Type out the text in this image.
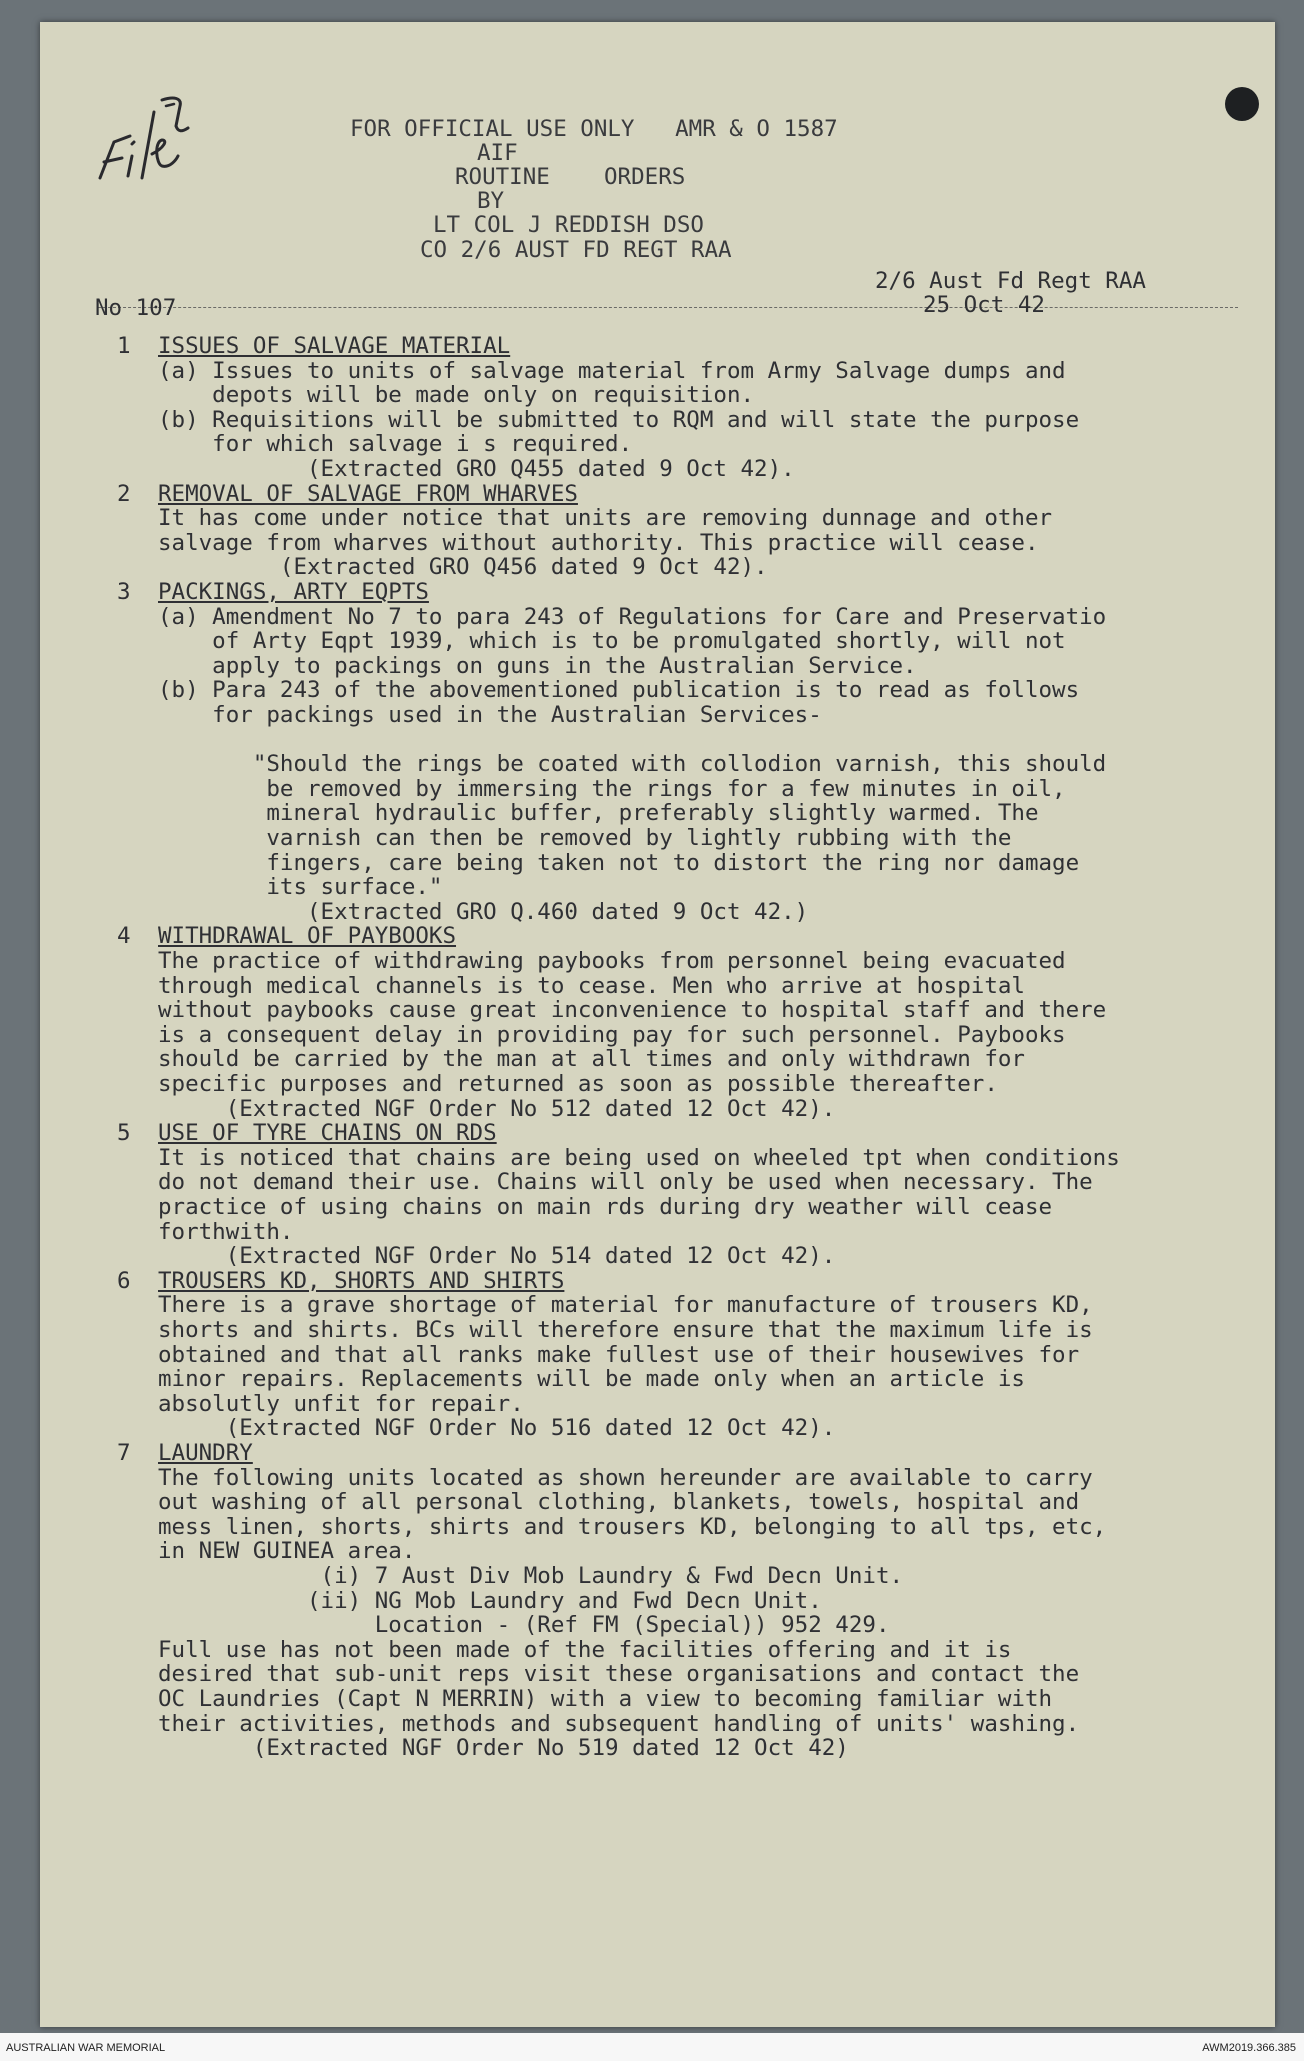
FOR OFFICIAL USE ONLY   AMR & O 1587
AIF
ROUTINE    ORDERS
BY
LT COL J REDDISH DSO
CO 2/6 AUST FD REGT RAA
2/6 Aust Fd Regt RAA
No 107	25 Oct 42
1 ISSUES OF SALVAGE MATERIAL
(a) Issues to units of salvage material from Army Salvage dumps and
depots will be made only on requisition.
(b) Requisitions will be submitted to RQM and will state the purpose
for which salvage i s required.
(Extracted GRO Q455 dated 9 Oct 42).
2 REMOVAL OF SALVAGE FROM WHARVES
It has come under notice that units are removing dunnage and other
salvage from wharves without authority. This practice will cease.
(Extracted GRO Q456 dated 9 Oct 42).
3 PACKINGS, ARTY EQPTS
(a) Amendment No 7 to para 243 of Regulations for Care and Preservatio
of Arty Eqpt 1939, which is to be promulgated shortly, will not
apply to packings on guns in the Australian Service.
(b) Para 243 of the abovementioned publication is to read as follows
for packings used in the Australian Services-
"Should the rings be coated with collodion varnish, this should
be removed by immersing the rings for a few minutes in oil,
mineral hydraulic buffer, preferably slightly warmed. The
varnish can then be removed by lightly rubbing with the
fingers, care being taken not to distort the ring nor damage
its surface."
(Extracted GRO Q.460 dated 9 Oct 42.)
4 WITHDRAWAL OF PAYBOOKS
The practice of withdrawing paybooks from personnel being evacuated
through medical channels is to cease. Men who arrive at hospital
without paybooks cause great inconvenience to hospital staff and there
is a consequent delay in providing pay for such personnel. Paybooks
should be carried by the man at all times and only withdrawn for
specific purposes and returned as soon as possible thereafter.
(Extracted NGF Order No 512 dated 12 Oct 42).
5 USE OF TYRE CHAINS ON RDS
It is noticed that chains are being used on wheeled tpt when conditions
do not demand their use. Chains will only be used when necessary. The
practice of using chains on main rds during dry weather will cease
forthwith.
(Extracted NGF Order No 514 dated 12 Oct 42).
6 TROUSERS KD, SHORTS AND SHIRTS
There is a grave shortage of material for manufacture of trousers KD,
shorts and shirts. BCs will therefore ensure that the maximum life is
obtained and that all ranks make fullest use of their housewives for
minor repairs. Replacements will be made only when an article is
absolutly unfit for repair.
(Extracted NGF Order No 516 dated 12 Oct 42).
7 LAUNDRY
The following units located as shown hereunder are available to carry
out washing of all personal clothing, blankets, towels, hospital and
mess linen, shorts, shirts and trousers KD, belonging to all tps, etc,
in NEW GUINEA area.
(i) 7 Aust Div Mob Laundry & Fwd Decn Unit.
(ii) NG Mob Laundry and Fwd Decn Unit.
Location - (Ref FM (Special)) 952 429.
Full use has not been made of the facilities offering and it is
desired that sub-unit reps visit these organisations and contact the
OC Laundries (Capt N MERRIN) with a view to becoming familiar with
their activities, methods and subsequent handling of units' washing.
(Extracted NGF Order No 519 dated 12 Oct 42)
AUSTRALIAN WAR MEMORIAL	AWM2019.366.385
